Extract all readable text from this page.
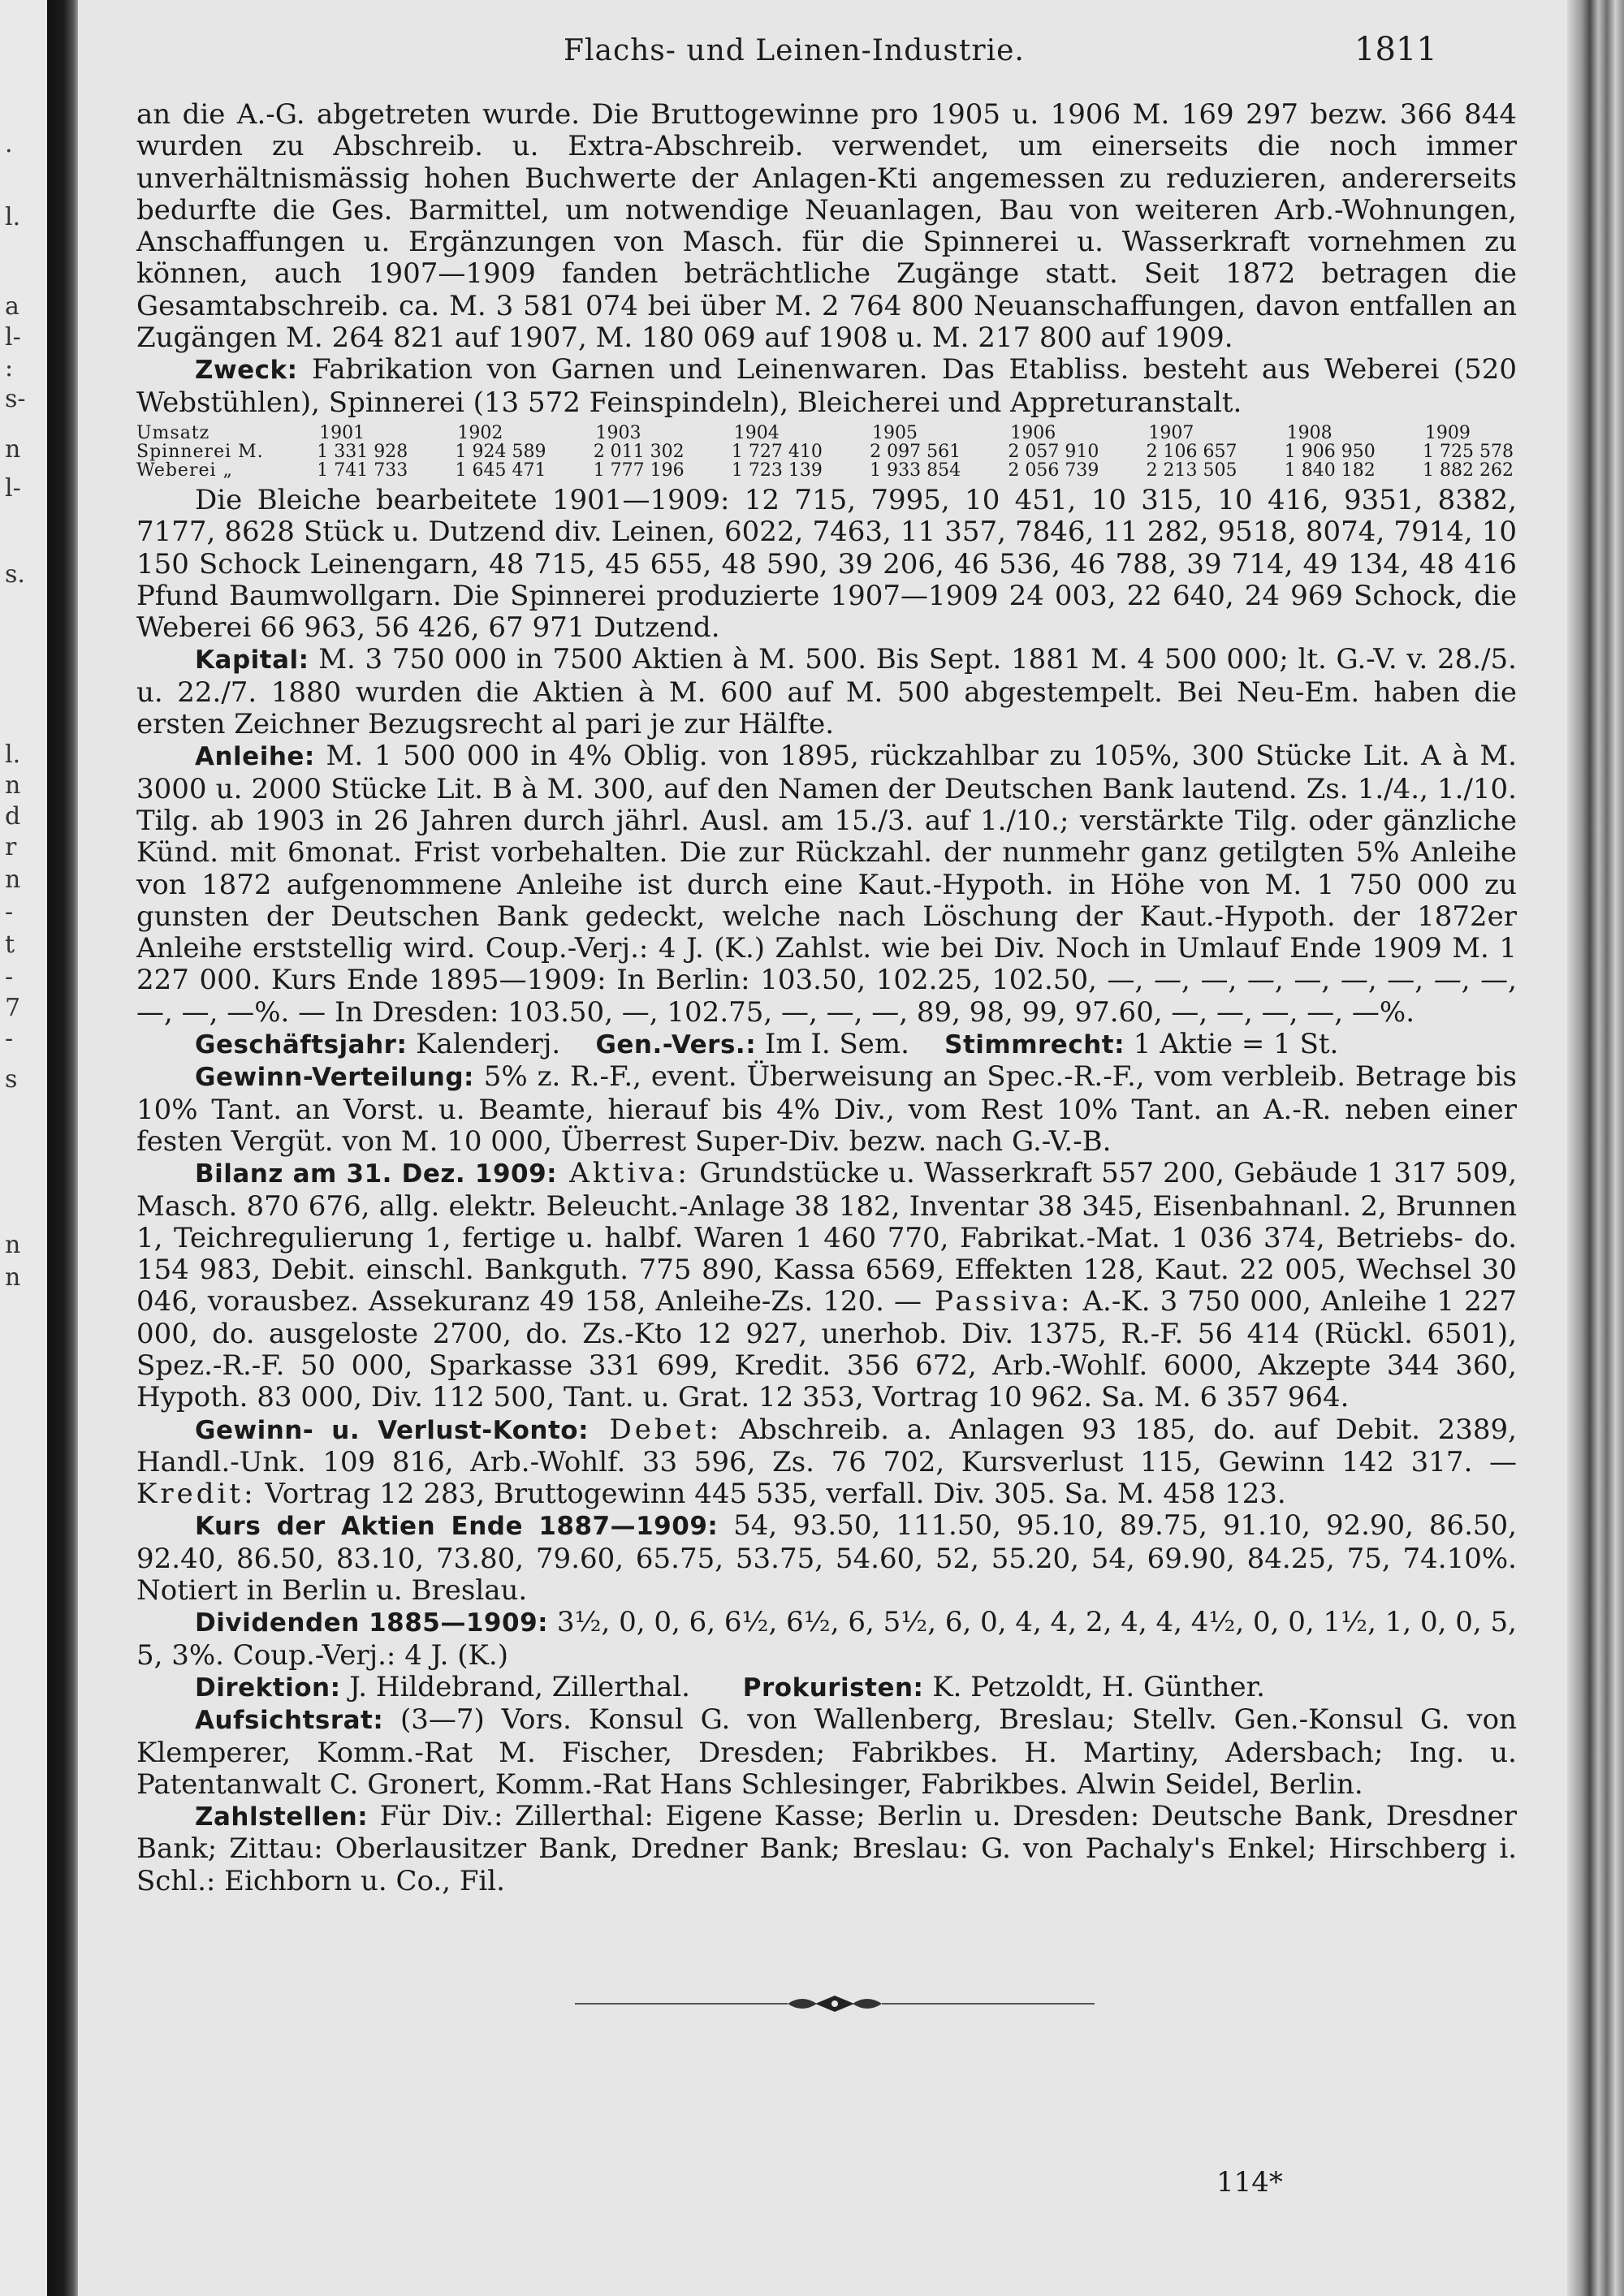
.
l.
a
l-
:
s-
n
l-
s.
l.
n
d
r
n
-
t
-
7
-
s
n
n
Flachs- und Leinen-Industrie.	1811

an die A.-G. abgetreten wurde. Die Bruttogewinne pro 1905 u. 1906 M. 169 297 bezw. 366 844 wurden zu Abschreib. u. Extra-Abschreib. verwendet, um einerseits die noch immer unverhältnismässig hohen Buchwerte der Anlagen-Kti angemessen zu reduzieren, andererseits bedurfte die Ges. Barmittel, um notwendige Neuanlagen, Bau von weiteren Arb.-Wohnungen, Anschaffungen u. Ergänzungen von Masch. für die Spinnerei u. Wasserkraft vornehmen zu können, auch 1907—1909 fanden beträchtliche Zugänge statt. Seit 1872 betragen die Gesamtabschreib. ca. M. 3 581 074 bei über M. 2 764 800 Neuanschaffungen, davon entfallen an Zugängen M. 264 821 auf 1907, M. 180 069 auf 1908 u. M. 217 800 auf 1909.

Zweck: Fabrikation von Garnen und Leinenwaren. Das Etabliss. besteht aus Weberei (520 Webstühlen), Spinnerei (13 572 Feinspindeln), Bleicherei und Appreturanstalt.

Umsatz	1901	1902	1903	1904	1905	1906	1907	1908	1909
Spinnerei M.	1 331 928	1 924 589	2 011 302	1 727 410	2 097 561	2 057 910	2 106 657	1 906 950	1 725 578
Weberei „	1 741 733	1 645 471	1 777 196	1 723 139	1 933 854	2 056 739	2 213 505	1 840 182	1 882 262

Die Bleiche bearbeitete 1901—1909: 12 715, 7995, 10 451, 10 315, 10 416, 9351, 8382, 7177, 8628 Stück u. Dutzend div. Leinen, 6022, 7463, 11 357, 7846, 11 282, 9518, 8074, 7914, 10 150 Schock Leinengarn, 48 715, 45 655, 48 590, 39 206, 46 536, 46 788, 39 714, 49 134, 48 416 Pfund Baumwollgarn. Die Spinnerei produzierte 1907—1909 24 003, 22 640, 24 969 Schock, die Weberei 66 963, 56 426, 67 971 Dutzend.

Kapital: M. 3 750 000 in 7500 Aktien à M. 500. Bis Sept. 1881 M. 4 500 000; lt. G.-V. v. 28./5. u. 22./7. 1880 wurden die Aktien à M. 600 auf M. 500 abgestempelt. Bei Neu-Em. haben die ersten Zeichner Bezugsrecht al pari je zur Hälfte.

Anleihe: M. 1 500 000 in 4% Oblig. von 1895, rückzahlbar zu 105%, 300 Stücke Lit. A à M. 3000 u. 2000 Stücke Lit. B à M. 300, auf den Namen der Deutschen Bank lautend. Zs. 1./4., 1./10. Tilg. ab 1903 in 26 Jahren durch jährl. Ausl. am 15./3. auf 1./10.; verstärkte Tilg. oder gänzliche Künd. mit 6monat. Frist vorbehalten. Die zur Rückzahl. der nunmehr ganz getilgten 5% Anleihe von 1872 aufgenommene Anleihe ist durch eine Kaut.-Hypoth. in Höhe von M. 1 750 000 zu gunsten der Deutschen Bank gedeckt, welche nach Löschung der Kaut.-Hypoth. der 1872er Anleihe erststellig wird. Coup.-Verj.: 4 J. (K.) Zahlst. wie bei Div. Noch in Umlauf Ende 1909 M. 1 227 000. Kurs Ende 1895—1909: In Berlin: 103.50, 102.25, 102.50, —, —, —, —, —, —, —, —, —, —, —, —%. — In Dresden: 103.50, —, 102.75, —, —, —, 89, 98, 99, 97.60, —, —, —, —, —%.

Geschäftsjahr: Kalenderj. Gen.-Vers.: Im I. Sem. Stimmrecht: 1 Aktie = 1 St.

Gewinn-Verteilung: 5% z. R.-F., event. Überweisung an Spec.-R.-F., vom verbleib. Betrage bis 10% Tant. an Vorst. u. Beamte, hierauf bis 4% Div., vom Rest 10% Tant. an A.-R. neben einer festen Vergüt. von M. 10 000, Überrest Super-Div. bezw. nach G.-V.-B.

Bilanz am 31. Dez. 1909: Aktiva: Grundstücke u. Wasserkraft 557 200, Gebäude 1 317 509, Masch. 870 676, allg. elektr. Beleucht.-Anlage 38 182, Inventar 38 345, Eisenbahnanl. 2, Brunnen 1, Teichregulierung 1, fertige u. halbf. Waren 1 460 770, Fabrikat.-Mat. 1 036 374, Betriebs- do. 154 983, Debit. einschl. Bankguth. 775 890, Kassa 6569, Effekten 128, Kaut. 22 005, Wechsel 30 046, vorausbez. Assekuranz 49 158, Anleihe-Zs. 120. — Passiva: A.-K. 3 750 000, Anleihe 1 227 000, do. ausgeloste 2700, do. Zs.-Kto 12 927, unerhob. Div. 1375, R.-F. 56 414 (Rückl. 6501), Spez.-R.-F. 50 000, Sparkasse 331 699, Kredit. 356 672, Arb.-Wohlf. 6000, Akzepte 344 360, Hypoth. 83 000, Div. 112 500, Tant. u. Grat. 12 353, Vortrag 10 962. Sa. M. 6 357 964.

Gewinn- u. Verlust-Konto: Debet: Abschreib. a. Anlagen 93 185, do. auf Debit. 2389, Handl.-Unk. 109 816, Arb.-Wohlf. 33 596, Zs. 76 702, Kursverlust 115, Gewinn 142 317. — Kredit: Vortrag 12 283, Bruttogewinn 445 535, verfall. Div. 305. Sa. M. 458 123.

Kurs der Aktien Ende 1887—1909: 54, 93.50, 111.50, 95.10, 89.75, 91.10, 92.90, 86.50, 92.40, 86.50, 83.10, 73.80, 79.60, 65.75, 53.75, 54.60, 52, 55.20, 54, 69.90, 84.25, 75, 74.10%. Notiert in Berlin u. Breslau.

Dividenden 1885—1909: 3½, 0, 0, 6, 6½, 6½, 6, 5½, 6, 0, 4, 4, 2, 4, 4, 4½, 0, 0, 1½, 1, 0, 0, 5, 5, 3%. Coup.-Verj.: 4 J. (K.)

Direktion: J. Hildebrand, Zillerthal. Prokuristen: K. Petzoldt, H. Günther.

Aufsichtsrat: (3—7) Vors. Konsul G. von Wallenberg, Breslau; Stellv. Gen.-Konsul G. von Klemperer, Komm.-Rat M. Fischer, Dresden; Fabrikbes. H. Martiny, Adersbach; Ing. u. Patentanwalt C. Gronert, Komm.-Rat Hans Schlesinger, Fabrikbes. Alwin Seidel, Berlin.

Zahlstellen: Für Div.: Zillerthal: Eigene Kasse; Berlin u. Dresden: Deutsche Bank, Dresdner Bank; Zittau: Oberlausitzer Bank, Dredner Bank; Breslau: G. von Pachaly's Enkel; Hirschberg i. Schl.: Eichborn u. Co., Fil.

114*
